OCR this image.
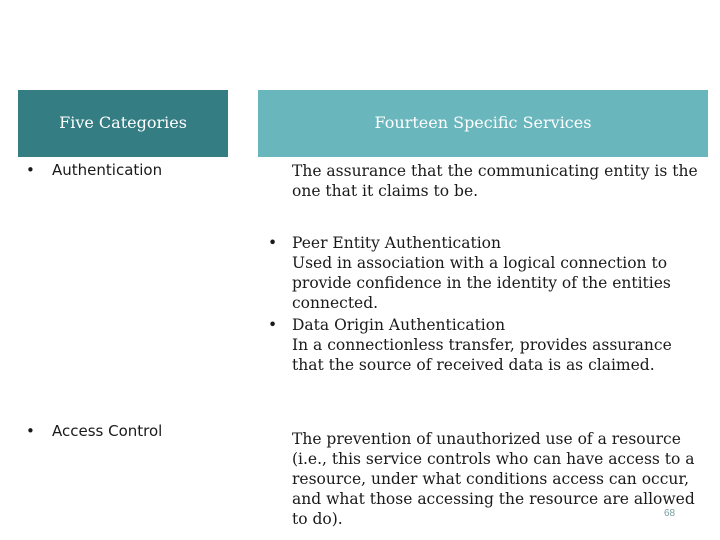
Five Categories	Fourteen Specific Services
• Authentication	The assurance that the communicating entity is the one that it claims to be.
• Peer Entity Authentication
Used in association with a logical connection to provide confidence in the identity of the entities connected.
• Data Origin Authentication
In a connectionless transfer, provides assurance that the source of received data is as claimed.
• Access Control	The prevention of unauthorized use of a resource (i.e., this service controls who can have access to a resource, under what conditions access can occur, and what those accessing the resource are allowed to do).	68
